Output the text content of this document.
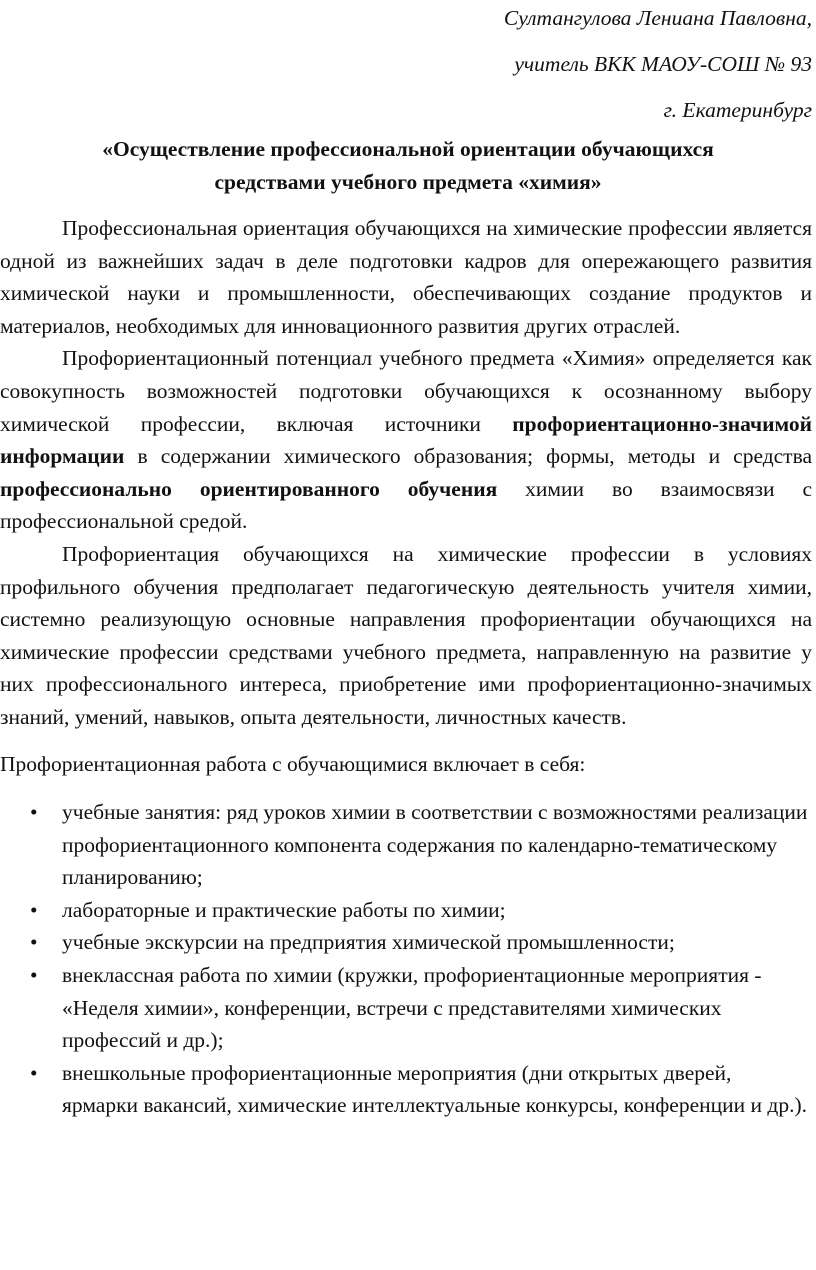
Султангулова Лениана Павловна,
учитель ВКК МАОУ-СОШ № 93
г. Екатеринбург
«Осуществление профессиональной ориентации обучающихся
средствами учебного предмета «химия»

Профессиональная ориентация обучающихся на химические профессии является одной из важнейших задач в деле подготовки кадров для опережающего развития химической науки и промышленности, обеспечивающих создание продуктов и материалов, необходимых для инновационного развития других отраслей.

Профориентационный потенциал учебного предмета «Химия» определяется как совокупность возможностей подготовки обучающихся к осознанному выбору химической профессии, включая источники профориентационно-значимой информации в содержании химического образования; формы, методы и средства профессионально ориентированного обучения химии во взаимосвязи с профессиональной средой.

Профориентация обучающихся на химические профессии в условиях профильного обучения предполагает педагогическую деятельность учителя химии, системно реализующую основные направления профориентации обучающихся на химические профессии средствами учебного предмета, направленную на развитие у них профессионального интереса, приобретение ими профориентационно-значимых знаний, умений, навыков, опыта деятельности, личностных качеств.

Профориентационная работа с обучающимися включает в себя:

• учебные занятия: ряд уроков химии в соответствии с возможностями реализации профориентационного компонента содержания по календарно-тематическому планированию;
• лабораторные и практические работы по химии;
• учебные экскурсии на предприятия химической промышленности;
• внеклассная работа по химии (кружки, профориентационные мероприятия - «Неделя химии», конференции, встречи с представителями химических профессий и др.);
• внешкольные профориентационные мероприятия (дни открытых дверей, ярмарки вакансий, химические интеллектуальные конкурсы, конференции и др.).
